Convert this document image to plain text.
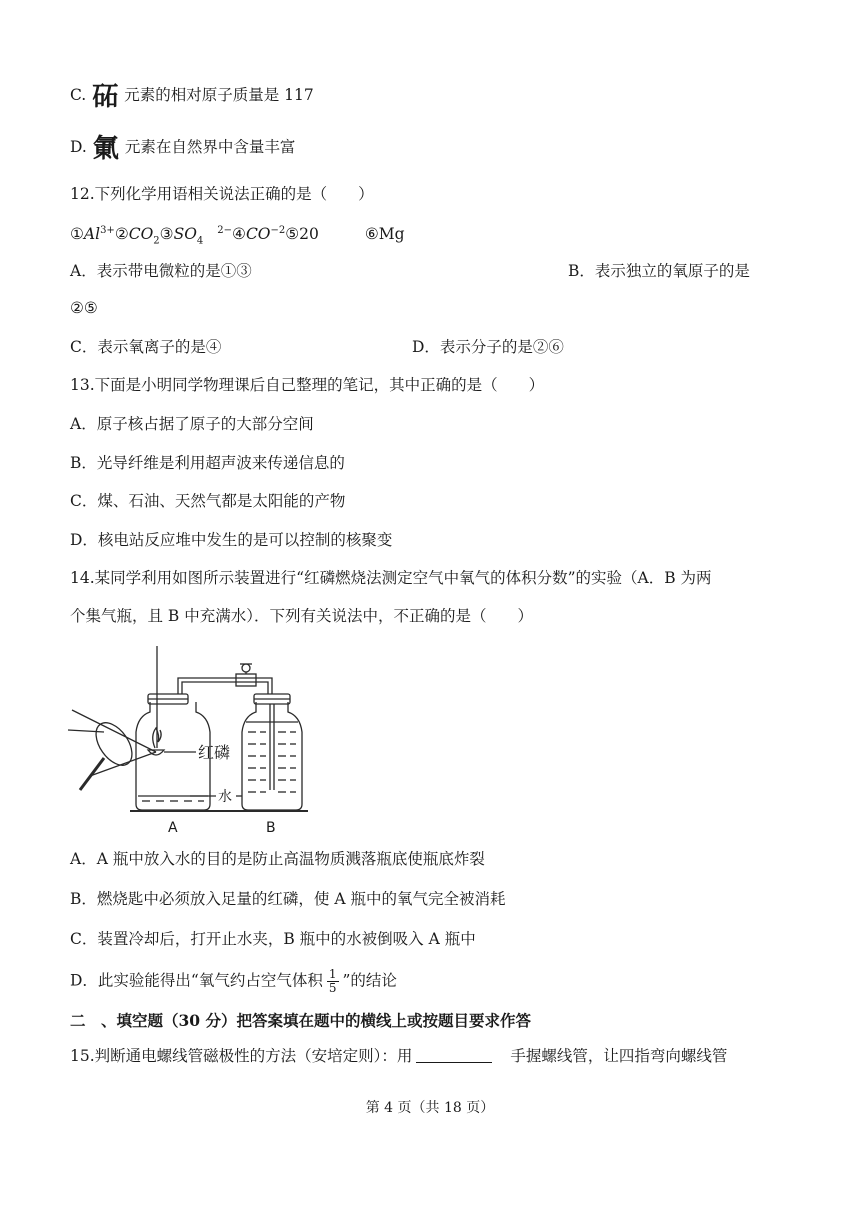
C. 砳 元素的相对原子质量是 117
D. 氭 元素在自然界中含量丰富
12.下列化学用语相关说法正确的是（　　）
$①Al^{3+}②CO_2③SO_4^{2-}④CO^{-2}⑤20$	⑥Mg
A．表示带电微粒的是①③	B．表示独立的氧原子的是
②⑤
C．表示氧离子的是④	D．表示分子的是②⑥
13.下面是小明同学物理课后自己整理的笔记，其中正确的是（　　）
A．原子核占据了原子的大部分空间
B．光导纤维是利用超声波来传递信息的
C．煤、石油、天然气都是太阳能的产物
D．核电站反应堆中发生的是可以控制的核聚变
14.某同学利用如图所示装置进行“红磷燃烧法测定空气中氧气的体积分数”的实验（A．B 为两
个集气瓶，且 B 中充满水）．下列有关说法中，不正确的是（　　）
红磷
水
A	B
A．A 瓶中放入水的目的是防止高温物质溅落瓶底使瓶底炸裂
B．燃烧匙中必须放入足量的红磷，使 A 瓶中的氧气完全被消耗
C．装置冷却后，打开止水夹，B 瓶中的水被倒吸入 A 瓶中
D．此实验能得出“氧气约占空气体积 $\frac{1}{5}$ ”的结论
二　、填空题（30 分）把答案填在题中的横线上或按题目要求作答
15.判断通电螺线管磁极性的方法（安培定则）：用	手握螺线管，让四指弯向螺线管
第 4 页（共 18 页）
